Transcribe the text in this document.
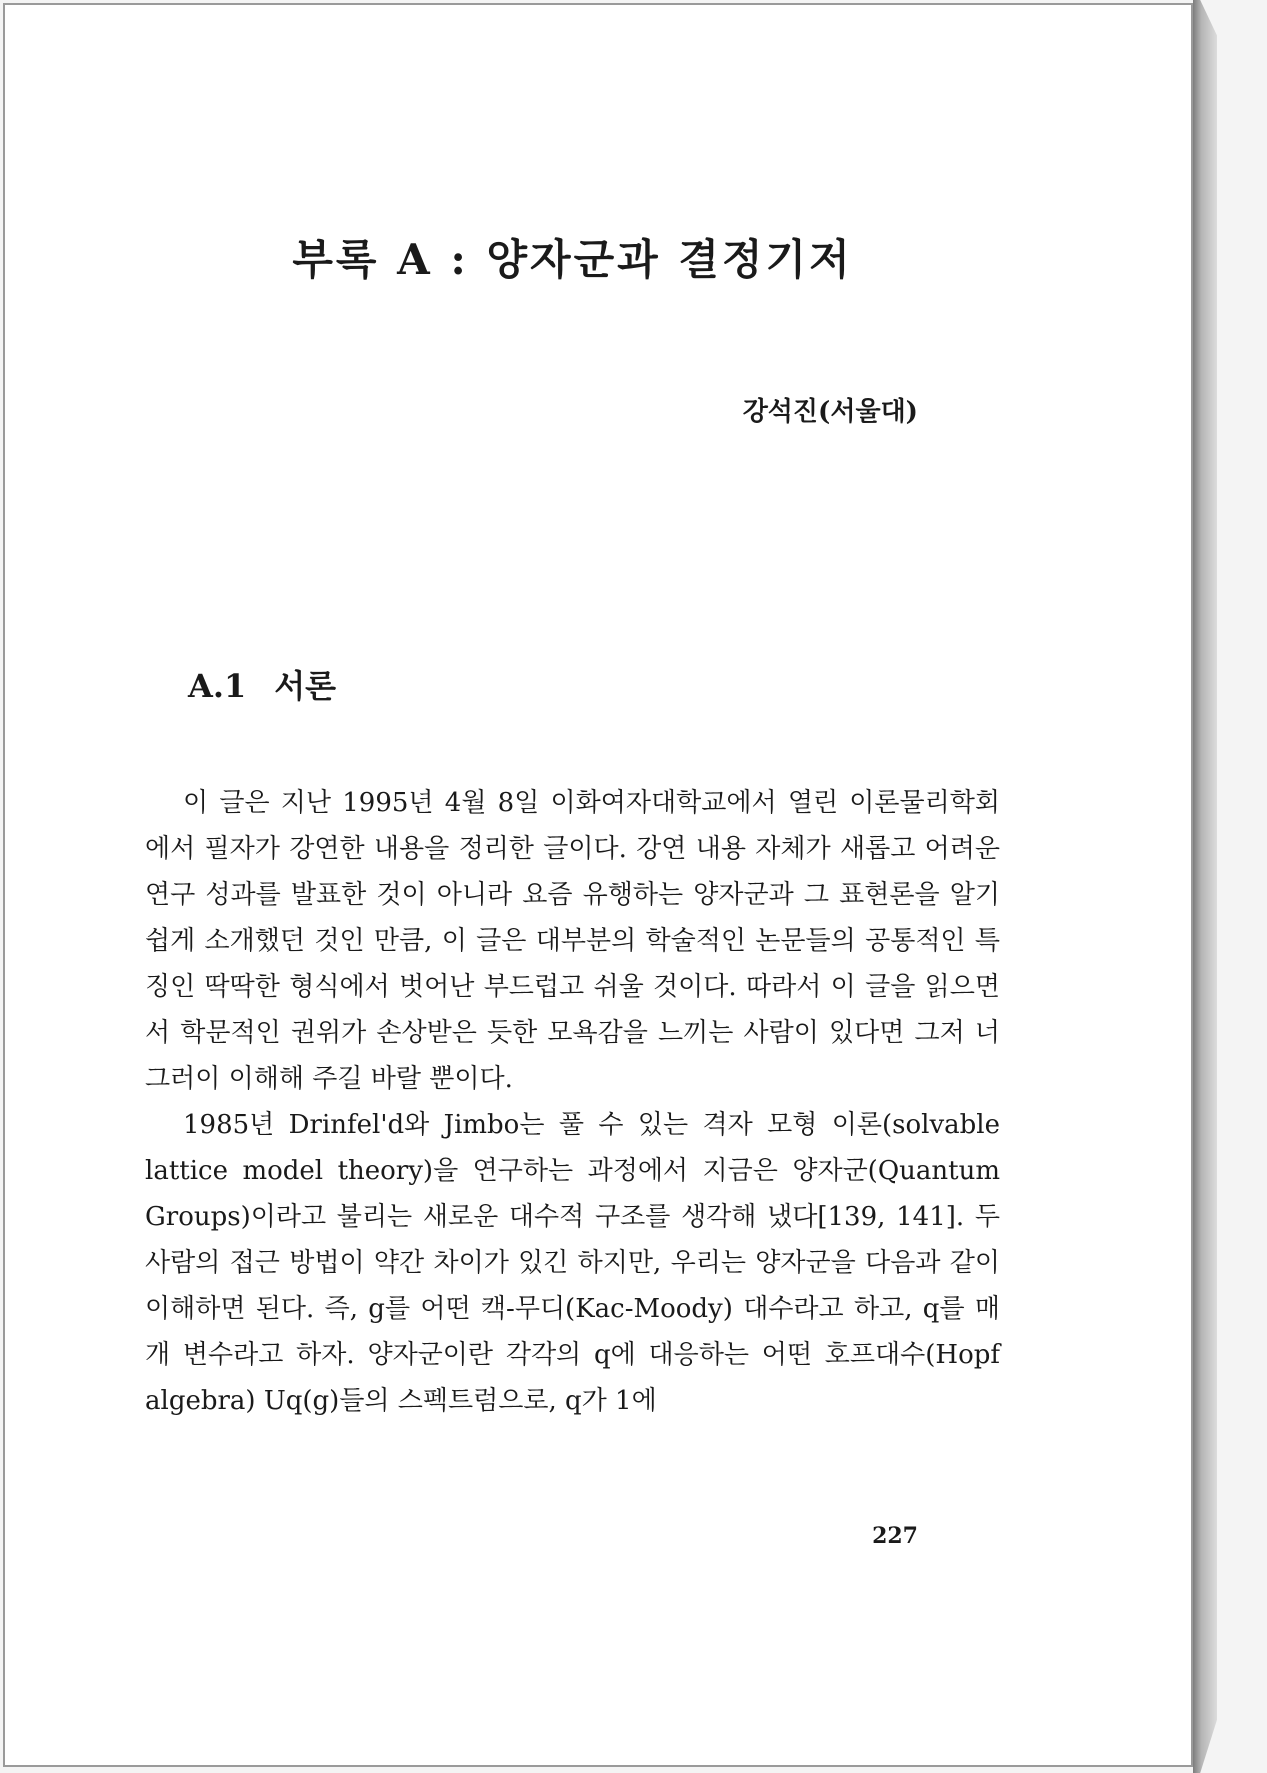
부록 A : 양자군과 결정기저

강석진(서울대)

A.1 서론

이 글은 지난 1995년 4월 8일 이화여자대학교에서 열린 이론물리학회에서 필자가 강연한 내용을 정리한 글이다. 강연 내용 자체가 새롭고 어려운 연구 성과를 발표한 것이 아니라 요즘 유행하는 양자군과 그 표현론을 알기 쉽게 소개했던 것인 만큼, 이 글은 대부분의 학술적인 논문들의 공통적인 특징인 딱딱한 형식에서 벗어난 부드럽고 쉬울 것이다. 따라서 이 글을 읽으면서 학문적인 권위가 손상받은 듯한 모욕감을 느끼는 사람이 있다면 그저 너그러이 이해해 주길 바랄 뿐이다.

1985년 Drinfel'd와 Jimbo는 풀 수 있는 격자 모형 이론(solvable lattice model theory)을 연구하는 과정에서 지금은 양자군(Quantum Groups)이라고 불리는 새로운 대수적 구조를 생각해 냈다[139, 141]. 두 사람의 접근 방법이 약간 차이가 있긴 하지만, 우리는 양자군을 다음과 같이 이해하면 된다. 즉, g를 어떤 캑-무디(Kac-Moody) 대수라고 하고, q를 매개 변수라고 하자. 양자군이란 각각의 q에 대응하는 어떤 호프대수(Hopf algebra) Uq(g)들의 스펙트럼으로, q가 1에

227
